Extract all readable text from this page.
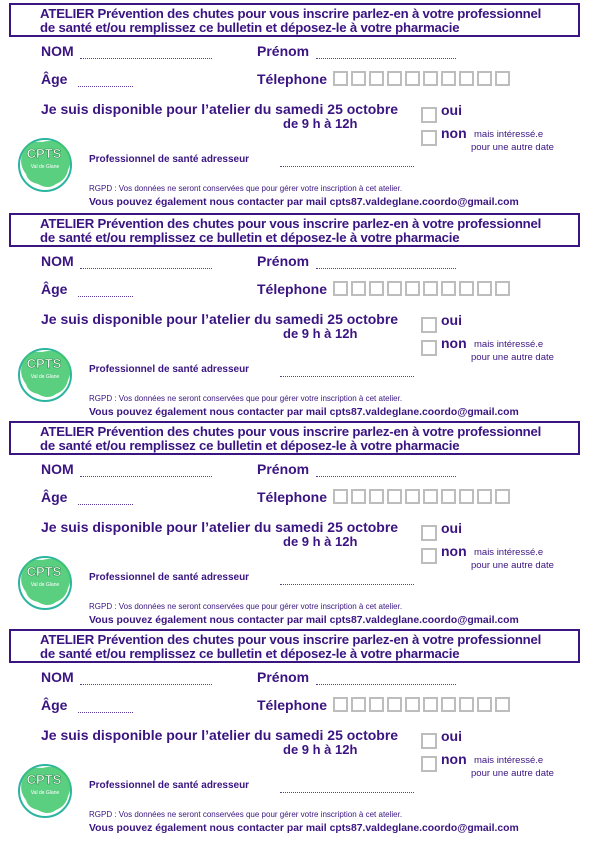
ATELIER Prévention des chutes pour vous inscrire parlez-en à votre professionnel
de santé et/ou remplissez ce bulletin et déposez-le à votre pharmacie
NOM	Prénom
Âge	Télephone
Je suis disponible pour l’atelier du samedi 25 octobre
de 9 h à 12h
oui
non mais intéressé.e
pour une autre date
CPTS
Val de Glane
Professionnel de santé adresseur
RGPD : Vos données ne seront conservées que pour gérer votre inscription à cet atelier.
Vous pouvez également nous contacter par mail cpts87.valdeglane.coordo@gmail.com
ATELIER Prévention des chutes pour vous inscrire parlez-en à votre professionnel
de santé et/ou remplissez ce bulletin et déposez-le à votre pharmacie
NOM	Prénom
Âge	Télephone
Je suis disponible pour l’atelier du samedi 25 octobre
de 9 h à 12h
oui
non mais intéressé.e
pour une autre date
CPTS
Val de Glane
Professionnel de santé adresseur
RGPD : Vos données ne seront conservées que pour gérer votre inscription à cet atelier.
Vous pouvez également nous contacter par mail cpts87.valdeglane.coordo@gmail.com
ATELIER Prévention des chutes pour vous inscrire parlez-en à votre professionnel
de santé et/ou remplissez ce bulletin et déposez-le à votre pharmacie
NOM	Prénom
Âge	Télephone
Je suis disponible pour l’atelier du samedi 25 octobre
de 9 h à 12h
oui
non mais intéressé.e
pour une autre date
CPTS
Val de Glane
Professionnel de santé adresseur
RGPD : Vos données ne seront conservées que pour gérer votre inscription à cet atelier.
Vous pouvez également nous contacter par mail cpts87.valdeglane.coordo@gmail.com
ATELIER Prévention des chutes pour vous inscrire parlez-en à votre professionnel
de santé et/ou remplissez ce bulletin et déposez-le à votre pharmacie
NOM	Prénom
Âge	Télephone
Je suis disponible pour l’atelier du samedi 25 octobre
de 9 h à 12h
oui
non mais intéressé.e
pour une autre date
CPTS
Val de Glane
Professionnel de santé adresseur
RGPD : Vos données ne seront conservées que pour gérer votre inscription à cet atelier.
Vous pouvez également nous contacter par mail cpts87.valdeglane.coordo@gmail.com
